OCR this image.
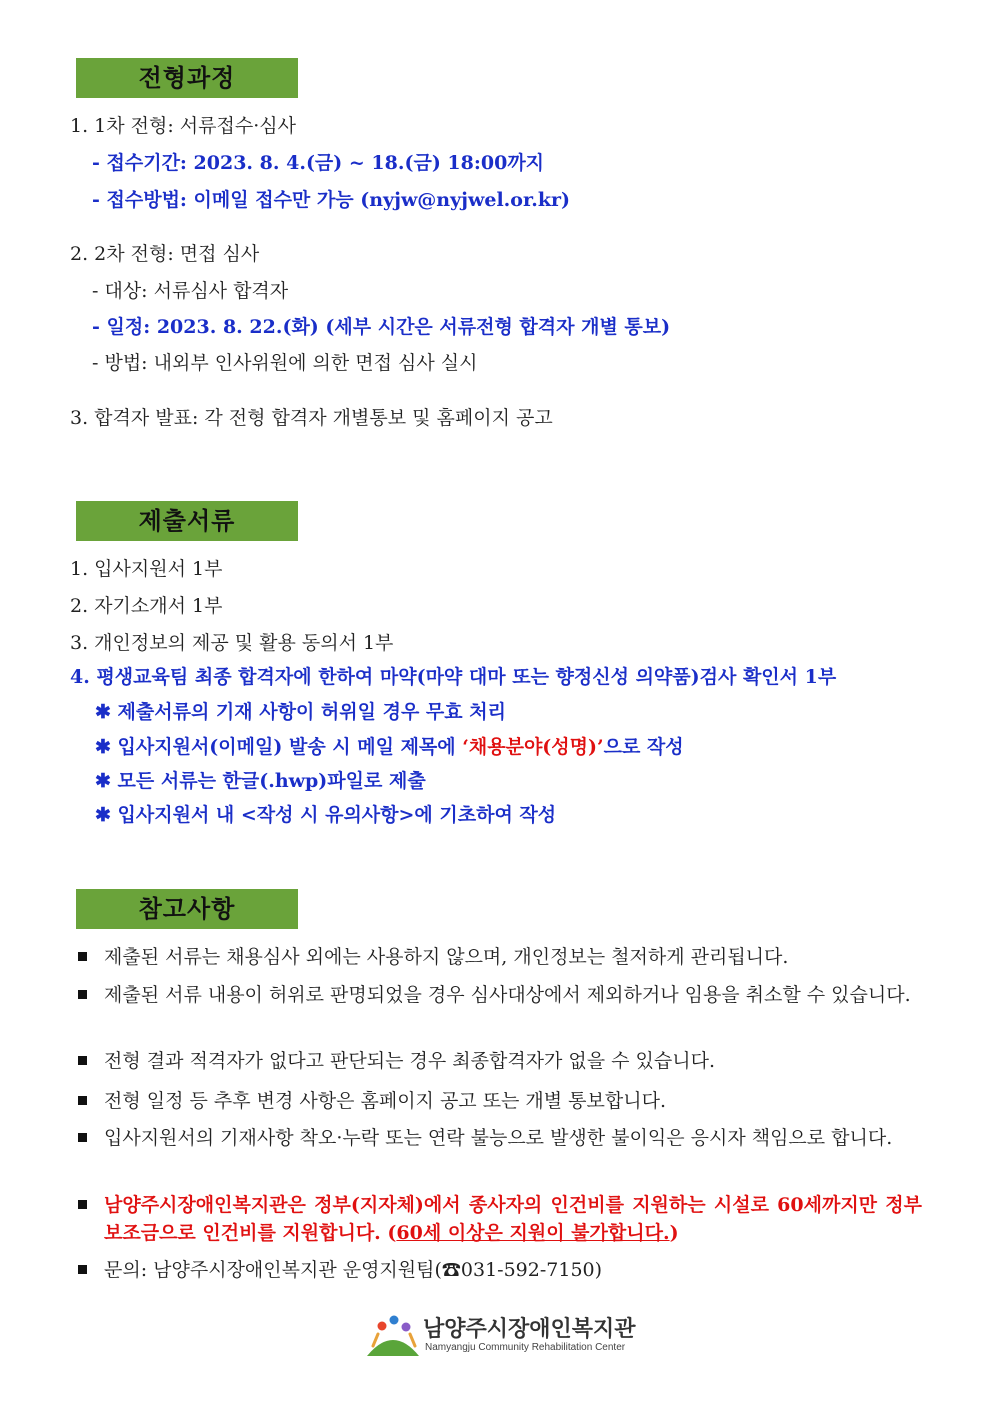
전형과정
1. 1차 전형: 서류접수·심사
- 접수기간: 2023. 8. 4.(금) ~ 18.(금) 18:00까지
- 접수방법: 이메일 접수만 가능 (nyjw@nyjwel.or.kr)
2. 2차 전형: 면접 심사
- 대상: 서류심사 합격자
- 일정: 2023. 8. 22.(화) (세부 시간은 서류전형 합격자 개별 통보)
- 방법: 내외부 인사위원에 의한 면접 심사 실시
3. 합격자 발표: 각 전형 합격자 개별통보 및 홈페이지 공고
제출서류
1. 입사지원서 1부
2. 자기소개서 1부
3. 개인정보의 제공 및 활용 동의서 1부
4. 평생교육팀 최종 합격자에 한하여 마약(마약 대마 또는 향정신성 의약품)검사 확인서 1부
✱ 제출서류의 기재 사항이 허위일 경우 무효 처리
✱ 입사지원서(이메일) 발송 시 메일 제목에 ‘채용분야(성명)’으로 작성
✱ 모든 서류는 한글(.hwp)파일로 제출
✱ 입사지원서 내 <작성 시 유의사항>에 기초하여 작성
참고사항
제출된 서류는 채용심사 외에는 사용하지 않으며, 개인정보는 철저하게 관리됩니다.
제출된 서류 내용이 허위로 판명되었을 경우 심사대상에서 제외하거나 임용을 취소할 수 있습니다.
전형 결과 적격자가 없다고 판단되는 경우 최종합격자가 없을 수 있습니다.
전형 일정 등 추후 변경 사항은 홈페이지 공고 또는 개별 통보합니다.
입사지원서의 기재사항 착오·누락 또는 연락 불능으로 발생한 불이익은 응시자 책임으로 합니다.
남양주시장애인복지관은 정부(지자체)에서 종사자의 인건비를 지원하는 시설로 60세까지만 정부 보조금으로 인건비를 지원합니다. (60세 이상은 지원이 불가합니다.)
문의: 남양주시장애인복지관 운영지원팀(☎031-592-7150)
남양주시장애인복지관
Namyangju Community Rehabilitation Center
